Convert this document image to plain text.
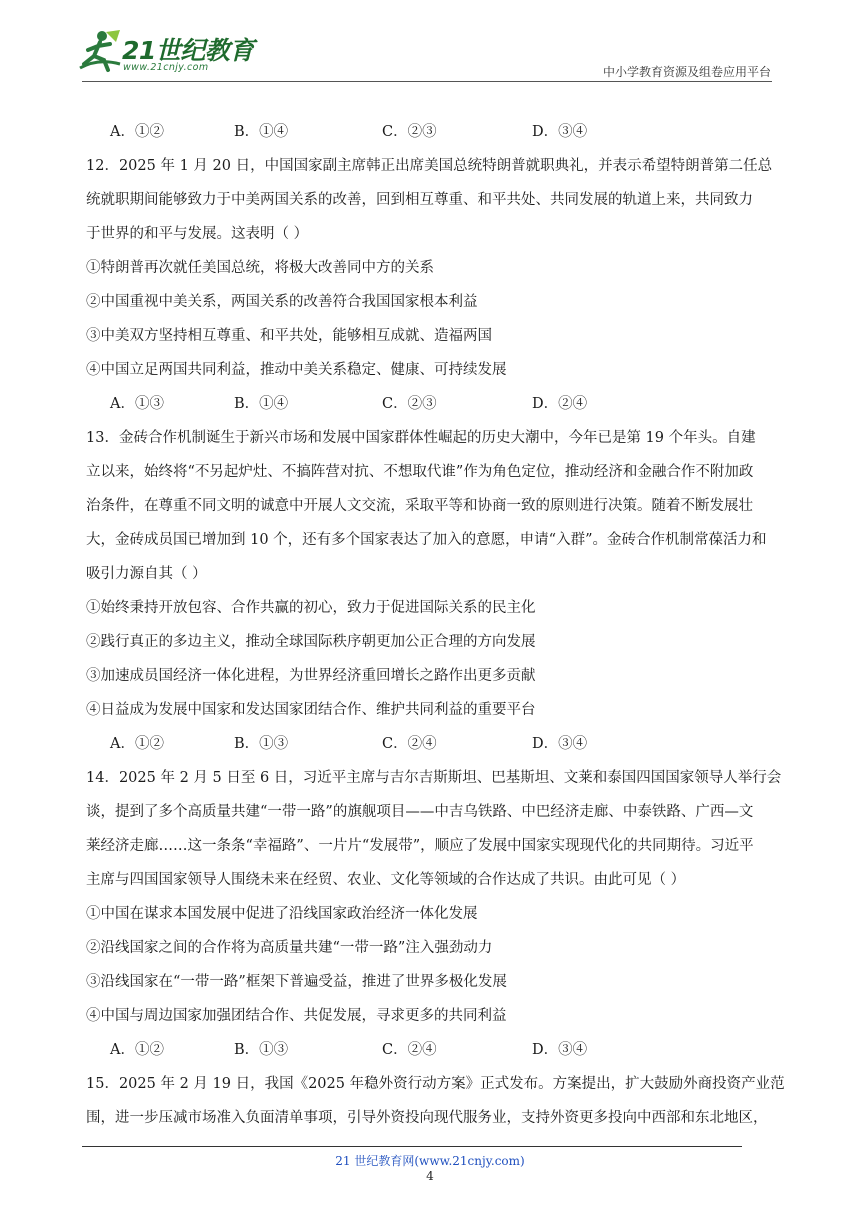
21世纪教育
www.21cnjy.com	中小学教育资源及组卷应用平台
A．①②	B．①④	C．②③	D．③④
12．2025 年 1 月 20 日，中国国家副主席韩正出席美国总统特朗普就职典礼，并表示希望特朗普第二任总
统就职期间能够致力于中美两国关系的改善，回到相互尊重、和平共处、共同发展的轨道上来，共同致力
于世界的和平与发展。这表明（ ）
①特朗普再次就任美国总统，将极大改善同中方的关系
②中国重视中美关系，两国关系的改善符合我国国家根本利益
③中美双方坚持相互尊重、和平共处，能够相互成就、造福两国
④中国立足两国共同利益，推动中美关系稳定、健康、可持续发展
A．①③	B．①④	C．②③	D．②④
13．金砖合作机制诞生于新兴市场和发展中国家群体性崛起的历史大潮中，今年已是第 19 个年头。自建
立以来，始终将“不另起炉灶、不搞阵营对抗、不想取代谁”作为角色定位，推动经济和金融合作不附加政
治条件，在尊重不同文明的诚意中开展人文交流，采取平等和协商一致的原则进行决策。随着不断发展壮
大，金砖成员国已增加到 10 个，还有多个国家表达了加入的意愿，申请“入群”。金砖合作机制常葆活力和
吸引力源自其（ ）
①始终秉持开放包容、合作共赢的初心，致力于促进国际关系的民主化
②践行真正的多边主义，推动全球国际秩序朝更加公正合理的方向发展
③加速成员国经济一体化进程，为世界经济重回增长之路作出更多贡献
④日益成为发展中国家和发达国家团结合作、维护共同利益的重要平台
A．①②	B．①③	C．②④	D．③④
14．2025 年 2 月 5 日至 6 日，习近平主席与吉尔吉斯斯坦、巴基斯坦、文莱和泰国四国国家领导人举行会
谈，提到了多个高质量共建“一带一路”的旗舰项目——中吉乌铁路、中巴经济走廊、中泰铁路、广西—文
莱经济走廊……这一条条“幸福路”、一片片“发展带”，顺应了发展中国家实现现代化的共同期待。习近平
主席与四国国家领导人围绕未来在经贸、农业、文化等领域的合作达成了共识。由此可见（ ）
①中国在谋求本国发展中促进了沿线国家政治经济一体化发展
②沿线国家之间的合作将为高质量共建“一带一路”注入强劲动力
③沿线国家在“一带一路”框架下普遍受益，推进了世界多极化发展
④中国与周边国家加强团结合作、共促发展，寻求更多的共同利益
A．①②	B．①③	C．②④	D．③④
15．2025 年 2 月 19 日，我国《2025 年稳外资行动方案》正式发布。方案提出，扩大鼓励外商投资产业范
围，进一步压减市场准入负面清单事项，引导外资投向现代服务业，支持外资更多投向中西部和东北地区，
21 世纪教育网(www.21cnjy.com)
4
